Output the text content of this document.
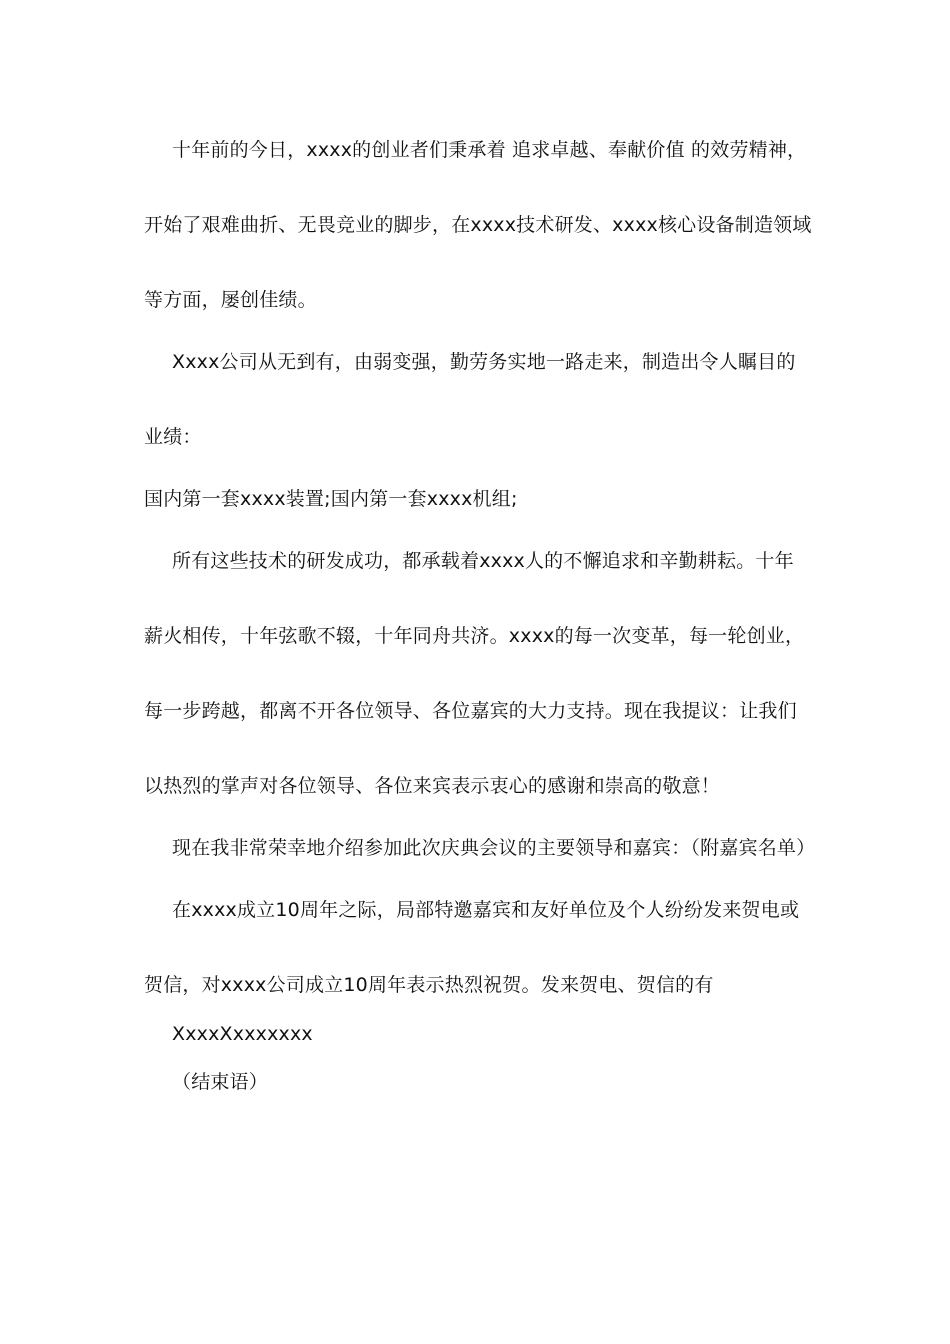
十年前的今日，xxxx的创业者们秉承着 追求卓越、奉献价值 的效劳精神，
开始了艰难曲折、无畏竞业的脚步，在xxxx技术研发、xxxx核心设备制造领域
等方面，屡创佳绩。
Xxxx公司从无到有，由弱变强，勤劳务实地一路走来，制造出令人瞩目的
业绩：
国内第一套xxxx装置;国内第一套xxxx机组;
所有这些技术的研发成功，都承载着xxxx人的不懈追求和辛勤耕耘。十年
薪火相传，十年弦歌不辍，十年同舟共济。xxxx的每一次变革，每一轮创业，
每一步跨越，都离不开各位领导、各位嘉宾的大力支持。现在我提议：让我们
以热烈的掌声对各位领导、各位来宾表示衷心的感谢和崇高的敬意！
现在我非常荣幸地介绍参加此次庆典会议的主要领导和嘉宾：（附嘉宾名单）
在xxxx成立10周年之际，局部特邀嘉宾和友好单位及个人纷纷发来贺电或
贺信，对xxxx公司成立10周年表示热烈祝贺。发来贺电、贺信的有
XxxxXxxxxxxx
（结束语）
